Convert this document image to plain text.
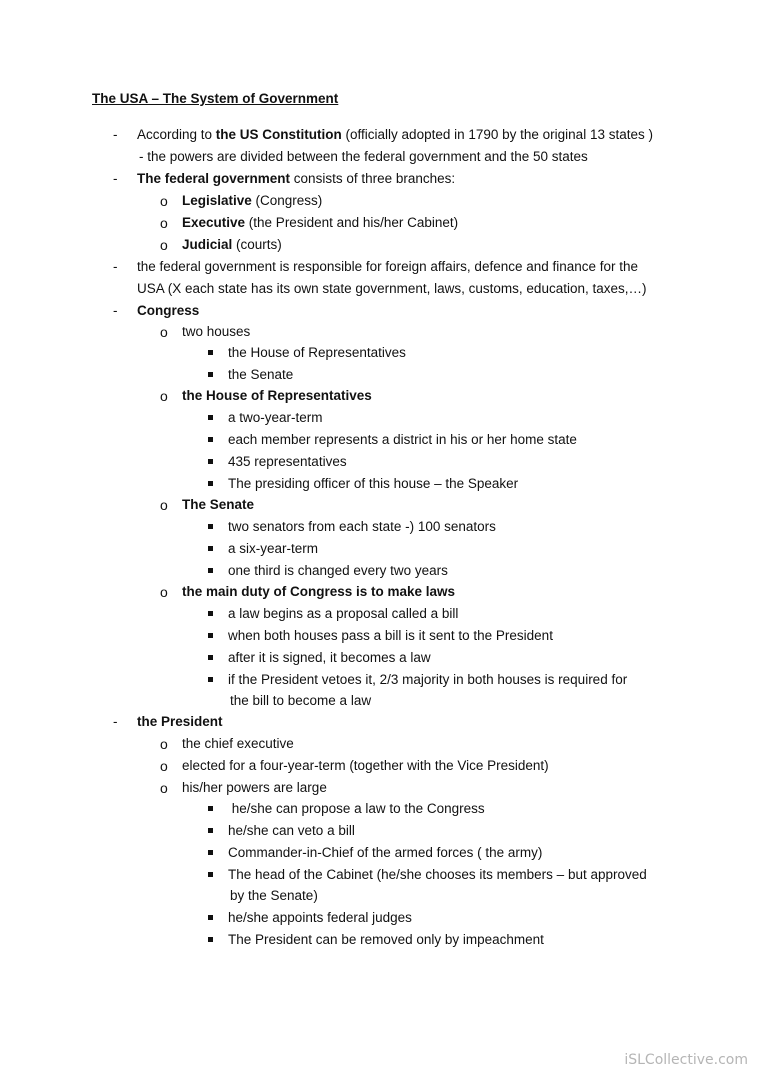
The USA – The System of Government
- According to the US Constitution (officially adopted in 1790 by the original 13 states )
- the powers are divided between the federal government and the 50 states
- The federal government consists of three branches:
o Legislative (Congress)
o Executive (the President and his/her Cabinet)
o Judicial (courts)
- the federal government is responsible for foreign affairs, defence and finance for the
USA (X each state has its own state government, laws, customs, education, taxes,…)
- Congress
o two houses
the House of Representatives
the Senate
o the House of Representatives
a two-year-term
each member represents a district in his or her home state
435 representatives
The presiding officer of this house – the Speaker
o The Senate
two senators from each state -) 100 senators
a six-year-term
one third is changed every two years
o the main duty of Congress is to make laws
a law begins as a proposal called a bill
when both houses pass a bill is it sent to the President
after it is signed, it becomes a law
if the President vetoes it, 2/3 majority in both houses is required for
the bill to become a law
- the President
o the chief executive
o elected for a four-year-term (together with the Vice President)
o his/her powers are large
he/she can propose a law to the Congress
he/she can veto a bill
Commander-in-Chief of the armed forces ( the army)
The head of the Cabinet (he/she chooses its members – but approved
by the Senate)
he/she appoints federal judges
The President can be removed only by impeachment
iSLCollective.com
